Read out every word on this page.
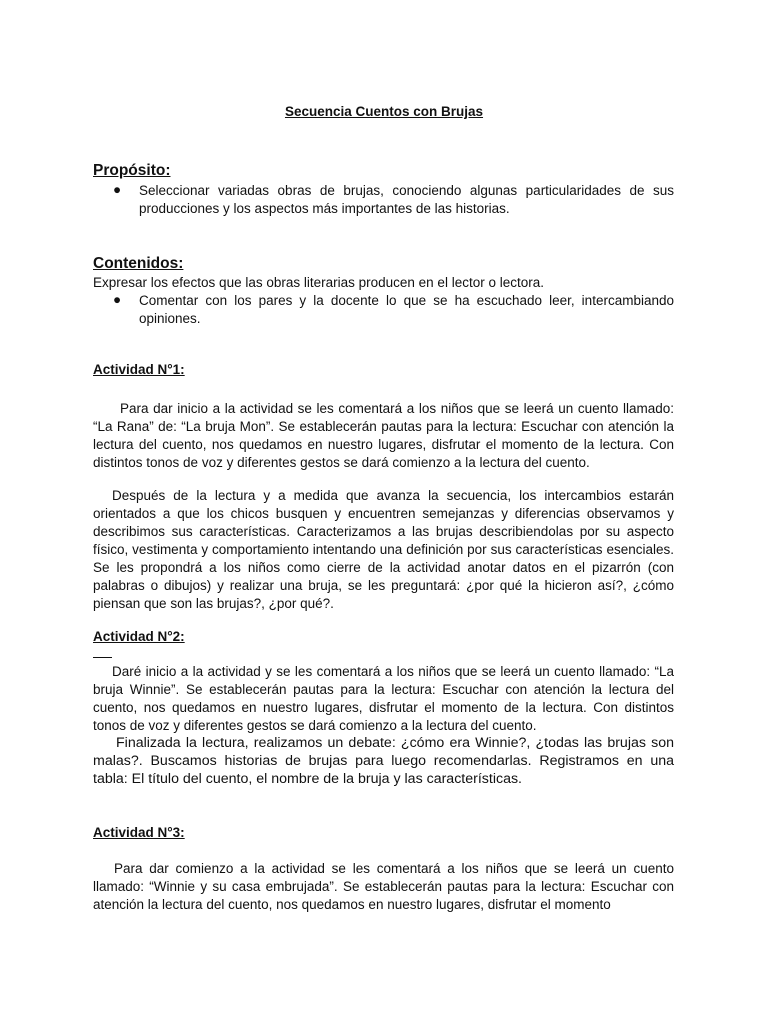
Secuencia Cuentos con Brujas
Propósito:
● Seleccionar variadas obras de brujas, conociendo algunas particularidades de sus producciones y los aspectos más importantes de las historias.
Contenidos:
Expresar los efectos que las obras literarias producen en el lector o lectora.
● Comentar con los pares y la docente lo que se ha escuchado leer, intercambiando opiniones.
Actividad N°1:
Para dar inicio a la actividad se les comentará a los niños que se leerá un cuento llamado: “La Rana” de: “La bruja Mon”. Se establecerán pautas para la lectura: Escuchar con atención la lectura del cuento, nos quedamos en nuestro lugares, disfrutar el momento de la lectura. Con distintos tonos de voz y diferentes gestos se dará comienzo a la lectura del cuento.
Después de la lectura y a medida que avanza la secuencia, los intercambios estarán orientados a que los chicos busquen y encuentren semejanzas y diferencias observamos y describimos sus características. Caracterizamos a las brujas describiendolas por su aspecto físico, vestimenta y comportamiento intentando una definición por sus características esenciales. Se les propondrá a los niños como cierre de la actividad anotar datos en el pizarrón (con palabras o dibujos) y realizar una bruja, se les preguntará: ¿por qué la hicieron así?, ¿cómo piensan que son las brujas?, ¿por qué?.
Actividad N°2:
Daré inicio a la actividad y se les comentará a los niños que se leerá un cuento llamado: “La bruja Winnie”. Se establecerán pautas para la lectura: Escuchar con atención la lectura del cuento, nos quedamos en nuestro lugares, disfrutar el momento de la lectura. Con distintos tonos de voz y diferentes gestos se dará comienzo a la lectura del cuento.
Finalizada la lectura, realizamos un debate: ¿cómo era Winnie?, ¿todas las brujas son malas?. Buscamos historias de brujas para luego recomendarlas. Registramos en una tabla: El título del cuento, el nombre de la bruja y las características.
Actividad N°3:
Para dar comienzo a la actividad se les comentará a los niños que se leerá un cuento llamado: “Winnie y su casa embrujada”. Se establecerán pautas para la lectura: Escuchar con atención la lectura del cuento, nos quedamos en nuestro lugares, disfrutar el momento
